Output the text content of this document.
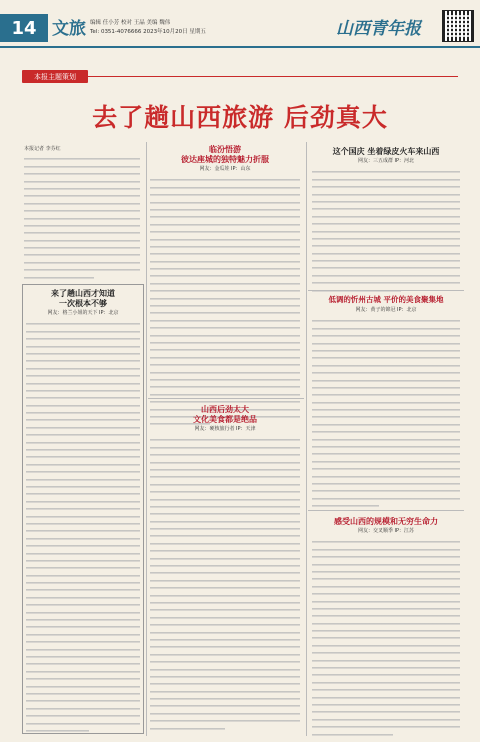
14 文旅 编辑 任小芳 校对 王晶 美编 魏伟
Tel: 0351-4076666 2023年10月20日 星期五	山西青年报
本报主题策划
去了趟山西旅游 后劲真大
本报记者 李芬红
来了趟山西才知道
一次根本不够
网友：格兰小姐的天下 IP：北京
临汾悟游
彼达座城的独特魅力折服
网友：金瓜娃 IP：山东
山西后劲太大
文化美食都是绝品
网友：硬核旅行者 IP：天津
这个国庆 坐着绿皮火车来山西
网友：三五成群 IP：河北
低调的忻州古城 平价的美食聚集地
网友：黄子的锦冠 IP：北京
感受山西的规模和无穷生命力
网友：交叉顺季 IP：江苏
